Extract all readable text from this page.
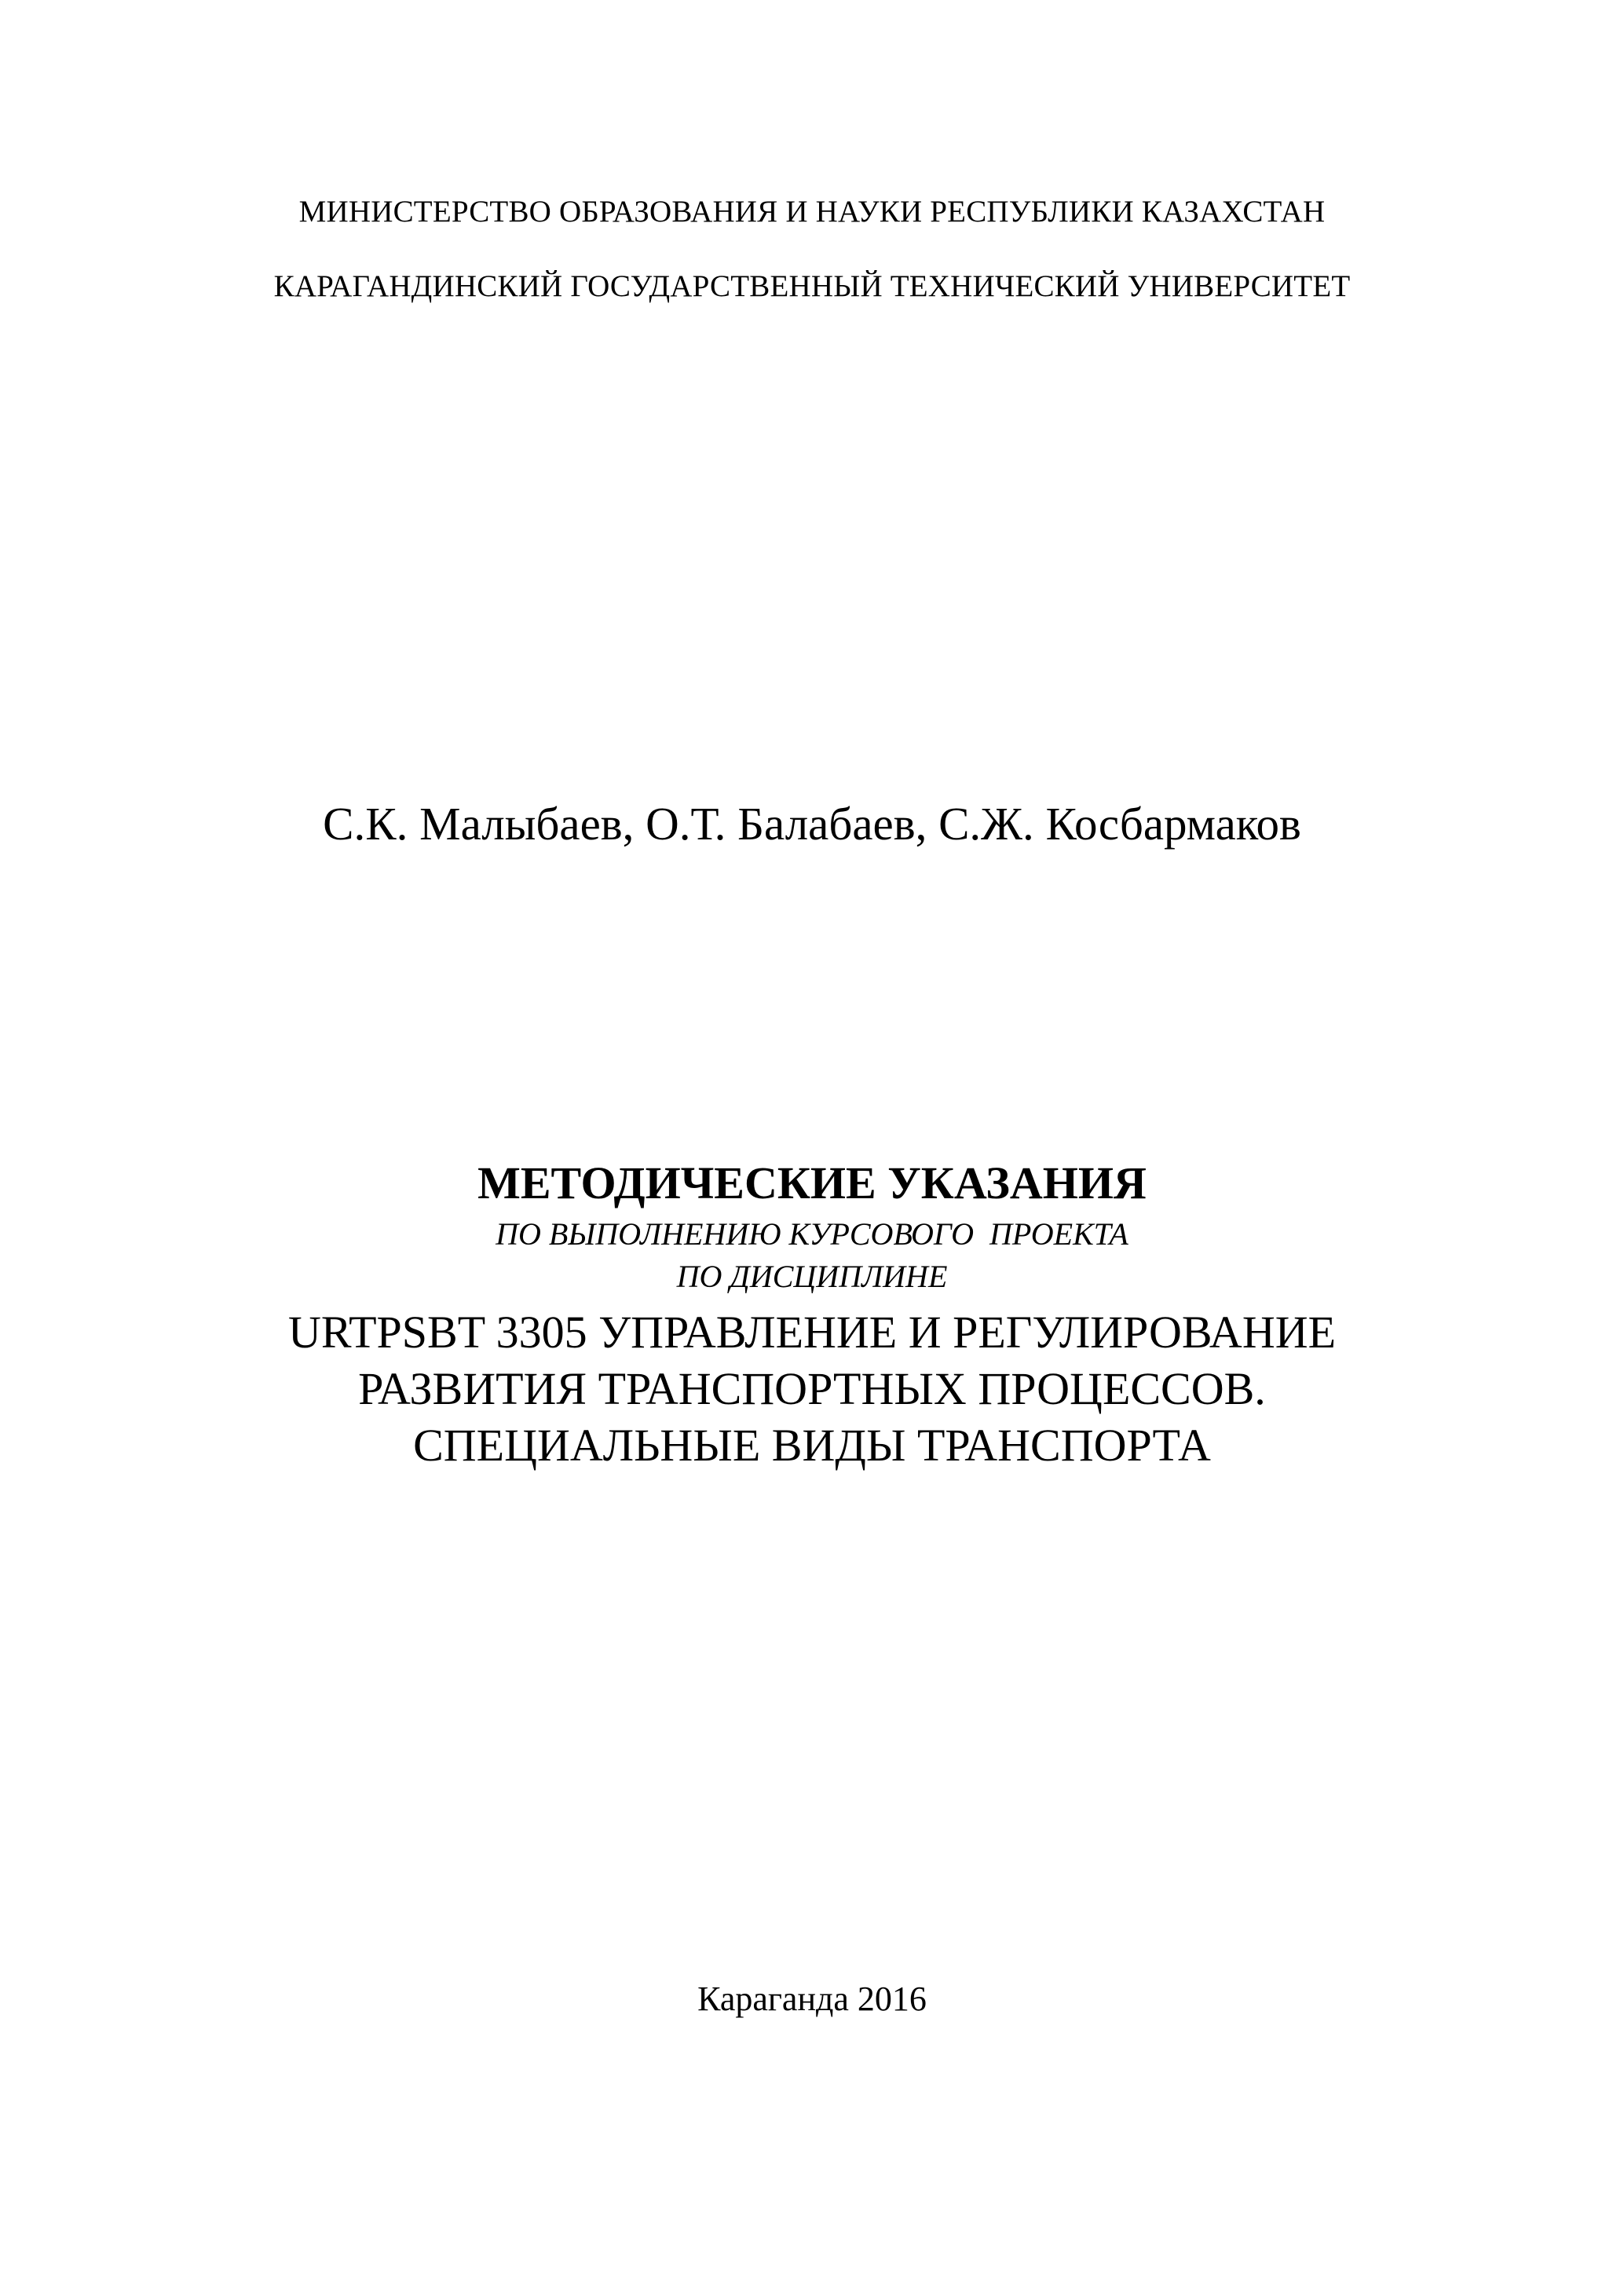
МИНИСТЕРСТВО ОБРАЗОВАНИЯ И НАУКИ РЕСПУБЛИКИ КАЗАХСТАН
КАРАГАНДИНСКИЙ ГОСУДАРСТВЕННЫЙ ТЕХНИЧЕСКИЙ УНИВЕРСИТЕТ
С.К. Малыбаев, О.Т. Балабаев, С.Ж. Косбармаков
МЕТОДИЧЕСКИЕ УКАЗАНИЯ
ПО ВЫПОЛНЕНИЮ КУРСОВОГО  ПРОЕКТА
ПО ДИСЦИПЛИНЕ
URTPSBT 3305 УПРАВЛЕНИЕ И РЕГУЛИРОВАНИЕ
РАЗВИТИЯ ТРАНСПОРТНЫХ ПРОЦЕССОВ.
СПЕЦИАЛЬНЫЕ ВИДЫ ТРАНСПОРТА
Караганда 2016
